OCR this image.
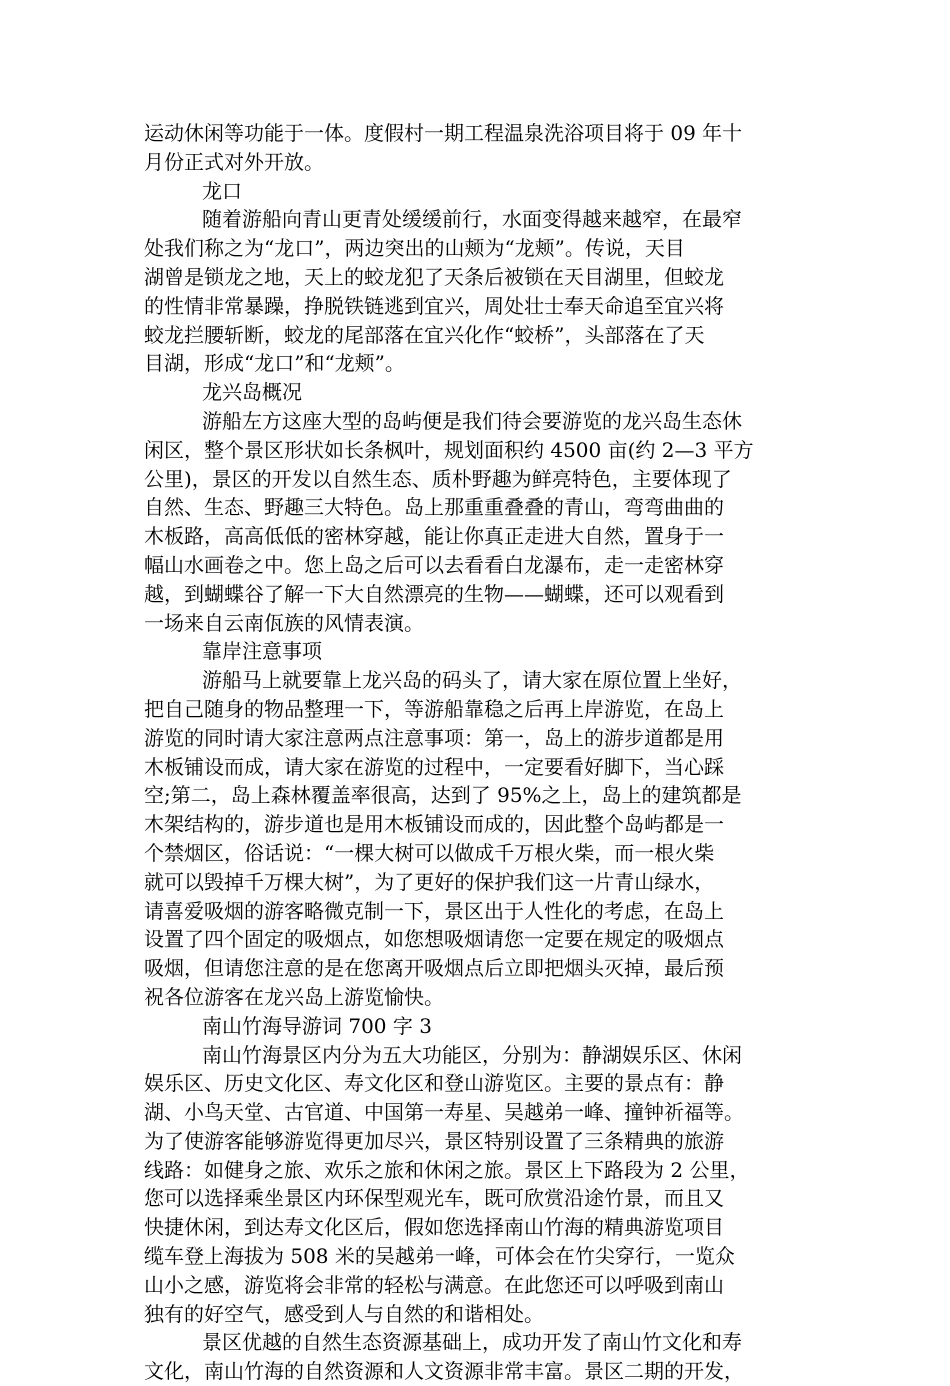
运动休闲等功能于一体。度假村一期工程温泉洗浴项目将于 09 年十
月份正式对外开放。
龙口
随着游船向青山更青处缓缓前行，水面变得越来越窄，在最窄
处我们称之为“龙口”，两边突出的山颊为“龙颊”。传说，天目
湖曾是锁龙之地，天上的蛟龙犯了天条后被锁在天目湖里，但蛟龙
的性情非常暴躁，挣脱铁链逃到宜兴，周处壮士奉天命追至宜兴将
蛟龙拦腰斩断，蛟龙的尾部落在宜兴化作“蛟桥”，头部落在了天
目湖，形成“龙口”和“龙颊”。
龙兴岛概况
游船左方这座大型的岛屿便是我们待会要游览的龙兴岛生态休
闲区，整个景区形状如长条枫叶，规划面积约 4500 亩(约 2—3 平方
公里)，景区的开发以自然生态、质朴野趣为鲜亮特色，主要体现了
自然、生态、野趣三大特色。岛上那重重叠叠的青山，弯弯曲曲的
木板路，高高低低的密林穿越，能让你真正走进大自然，置身于一
幅山水画卷之中。您上岛之后可以去看看白龙瀑布，走一走密林穿
越，到蝴蝶谷了解一下大自然漂亮的生物——蝴蝶，还可以观看到
一场来自云南佤族的风情表演。
靠岸注意事项
游船马上就要靠上龙兴岛的码头了，请大家在原位置上坐好，
把自己随身的物品整理一下，等游船靠稳之后再上岸游览，在岛上
游览的同时请大家注意两点注意事项：第一，岛上的游步道都是用
木板铺设而成，请大家在游览的过程中，一定要看好脚下，当心踩
空;第二，岛上森林覆盖率很高，达到了 95%之上，岛上的建筑都是
木架结构的，游步道也是用木板铺设而成的，因此整个岛屿都是一
个禁烟区，俗话说：“一棵大树可以做成千万根火柴，而一根火柴
就可以毁掉千万棵大树”，为了更好的保护我们这一片青山绿水，
请喜爱吸烟的游客略微克制一下，景区出于人性化的考虑，在岛上
设置了四个固定的吸烟点，如您想吸烟请您一定要在规定的吸烟点
吸烟，但请您注意的是在您离开吸烟点后立即把烟头灭掉，最后预
祝各位游客在龙兴岛上游览愉快。
南山竹海导游词 700 字 3
南山竹海景区内分为五大功能区，分别为：静湖娱乐区、休闲
娱乐区、历史文化区、寿文化区和登山游览区。主要的景点有：静
湖、小鸟天堂、古官道、中国第一寿星、吴越弟一峰、撞钟祈福等。
为了使游客能够游览得更加尽兴，景区特别设置了三条精典的旅游
线路：如健身之旅、欢乐之旅和休闲之旅。景区上下路段为 2 公里，
您可以选择乘坐景区内环保型观光车，既可欣赏沿途竹景，而且又
快捷休闲，到达寿文化区后，假如您选择南山竹海的精典游览项目
缆车登上海拔为 508 米的吴越弟一峰，可体会在竹尖穿行，一览众
山小之感，游览将会非常的轻松与满意。在此您还可以呼吸到南山
独有的好空气，感受到人与自然的和谐相处。
景区优越的自然生态资源基础上，成功开发了南山竹文化和寿
文化，南山竹海的自然资源和人文资源非常丰富。景区二期的开发，
